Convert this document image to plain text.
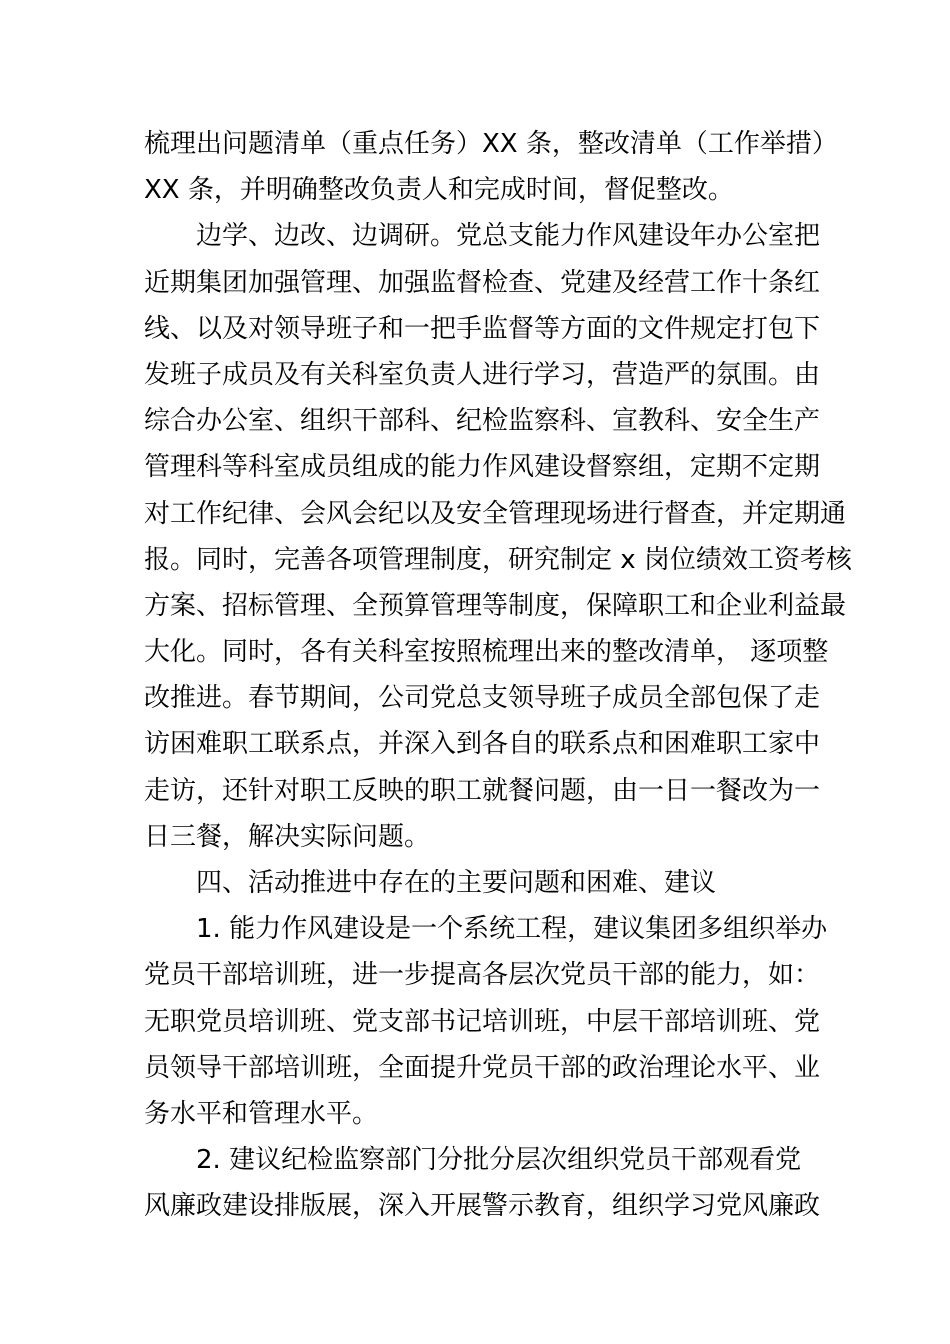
梳理出问题清单（重点任务）XX 条，整改清单（工作举措）
XX 条，并明确整改负责人和完成时间，督促整改。
边学、边改、边调研。党总支能力作风建设年办公室把
近期集团加强管理、加强监督检查、党建及经营工作十条红
线、以及对领导班子和一把手监督等方面的文件规定打包下
发班子成员及有关科室负责人进行学习，营造严的氛围。由
综合办公室、组织干部科、纪检监察科、宣教科、安全生产
管理科等科室成员组成的能力作风建设督察组，定期不定期
对工作纪律、会风会纪以及安全管理现场进行督查，并定期通
报。同时，完善各项管理制度，研究制定 x 岗位绩效工资考核
方案、招标管理、全预算管理等制度，保障职工和企业利益最
大化。同时，各有关科室按照梳理出来的整改清单， 逐项整
改推进。春节期间，公司党总支领导班子成员全部包保了走
访困难职工联系点，并深入到各自的联系点和困难职工家中
走访，还针对职工反映的职工就餐问题，由一日一餐改为一
日三餐，解决实际问题。
四、活动推进中存在的主要问题和困难、建议
1. 能力作风建设是一个系统工程，建议集团多组织举办
党员干部培训班，进一步提高各层次党员干部的能力，如：
无职党员培训班、党支部书记培训班，中层干部培训班、党
员领导干部培训班，全面提升党员干部的政治理论水平、业
务水平和管理水平。
2. 建议纪检监察部门分批分层次组织党员干部观看党
风廉政建设排版展，深入开展警示教育，组织学习党风廉政
